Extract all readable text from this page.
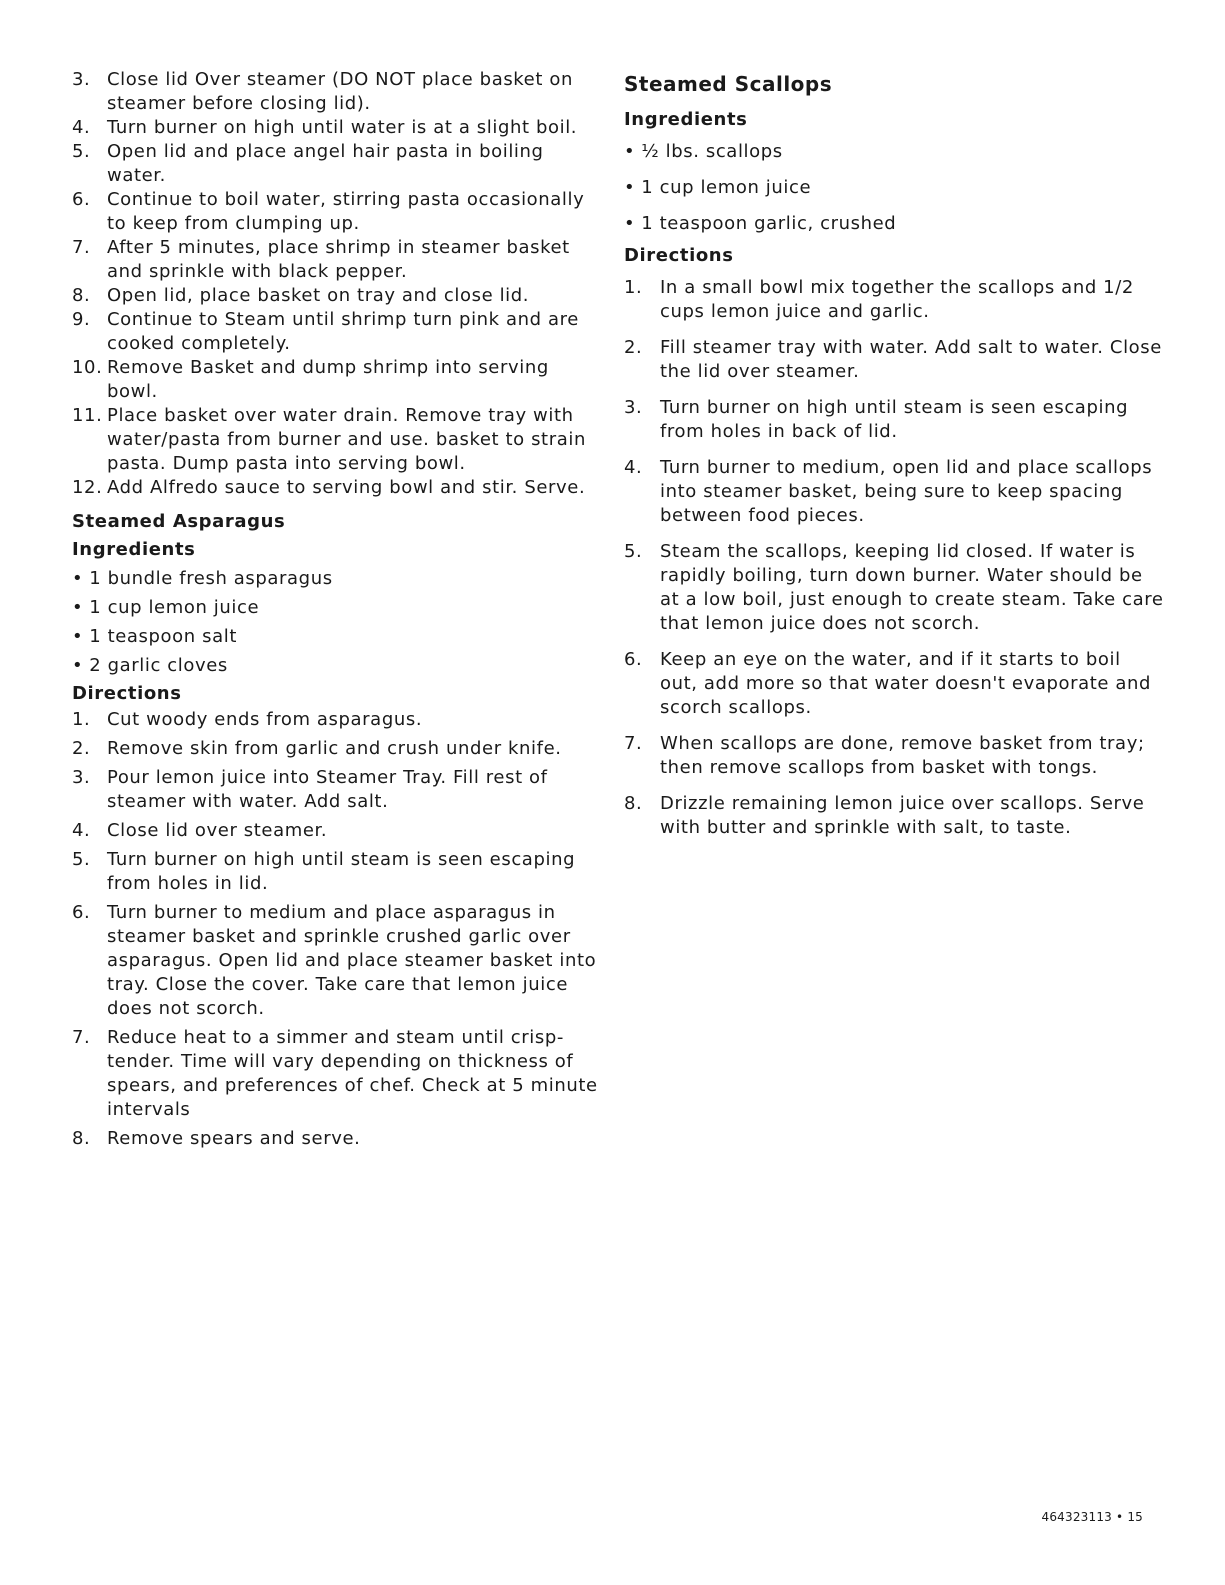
3. Close lid Over steamer (DO NOT place basket on steamer before closing lid).
4. Turn burner on high until water is at a slight boil.
5. Open lid and place angel hair pasta in boiling water.
6. Continue to boil water, stirring pasta occasionally to keep from clumping up.
7. After 5 minutes, place shrimp in steamer basket and sprinkle with black pepper.
8. Open lid, place basket on tray and close lid.
9. Continue to Steam until shrimp turn pink and are cooked completely.
10. Remove Basket and dump shrimp into serving bowl.
11. Place basket over water drain. Remove tray with water/pasta from burner and use. basket to strain pasta. Dump pasta into serving bowl.
12. Add Alfredo sauce to serving bowl and stir. Serve.
Steamed Asparagus
Ingredients
• 1 bundle fresh asparagus
• 1 cup lemon juice
• 1 teaspoon salt
• 2 garlic cloves
Directions
1. Cut woody ends from asparagus.
2. Remove skin from garlic and crush under knife.
3. Pour lemon juice into Steamer Tray. Fill rest of steamer with water. Add salt.
4. Close lid over steamer.
5. Turn burner on high until steam is seen escaping from holes in lid.
6. Turn burner to medium and place asparagus in steamer basket and sprinkle crushed garlic over asparagus. Open lid and place steamer basket into tray. Close the cover. Take care that lemon juice does not scorch.
7. Reduce heat to a simmer and steam until crisp-tender. Time will vary depending on thickness of spears, and preferences of chef. Check at 5 minute intervals
8. Remove spears and serve.
Steamed Scallops
Ingredients
• ½ lbs. scallops
• 1 cup lemon juice
• 1 teaspoon garlic, crushed
Directions
1. In a small bowl mix together the scallops and 1/2 cups lemon juice and garlic.
2. Fill steamer tray with water. Add salt to water. Close the lid over steamer.
3. Turn burner on high until steam is seen escaping from holes in back of lid.
4. Turn burner to medium, open lid and place scallops into steamer basket, being sure to keep spacing between food pieces.
5. Steam the scallops, keeping lid closed. If water is rapidly boiling, turn down burner. Water should be at a low boil, just enough to create steam. Take care that lemon juice does not scorch.
6. Keep an eye on the water, and if it starts to boil out, add more so that water doesn't evaporate and scorch scallops.
7. When scallops are done, remove basket from tray; then remove scallops from basket with tongs.
8. Drizzle remaining lemon juice over scallops. Serve with butter and sprinkle with salt, to taste.
464323113 • 15
